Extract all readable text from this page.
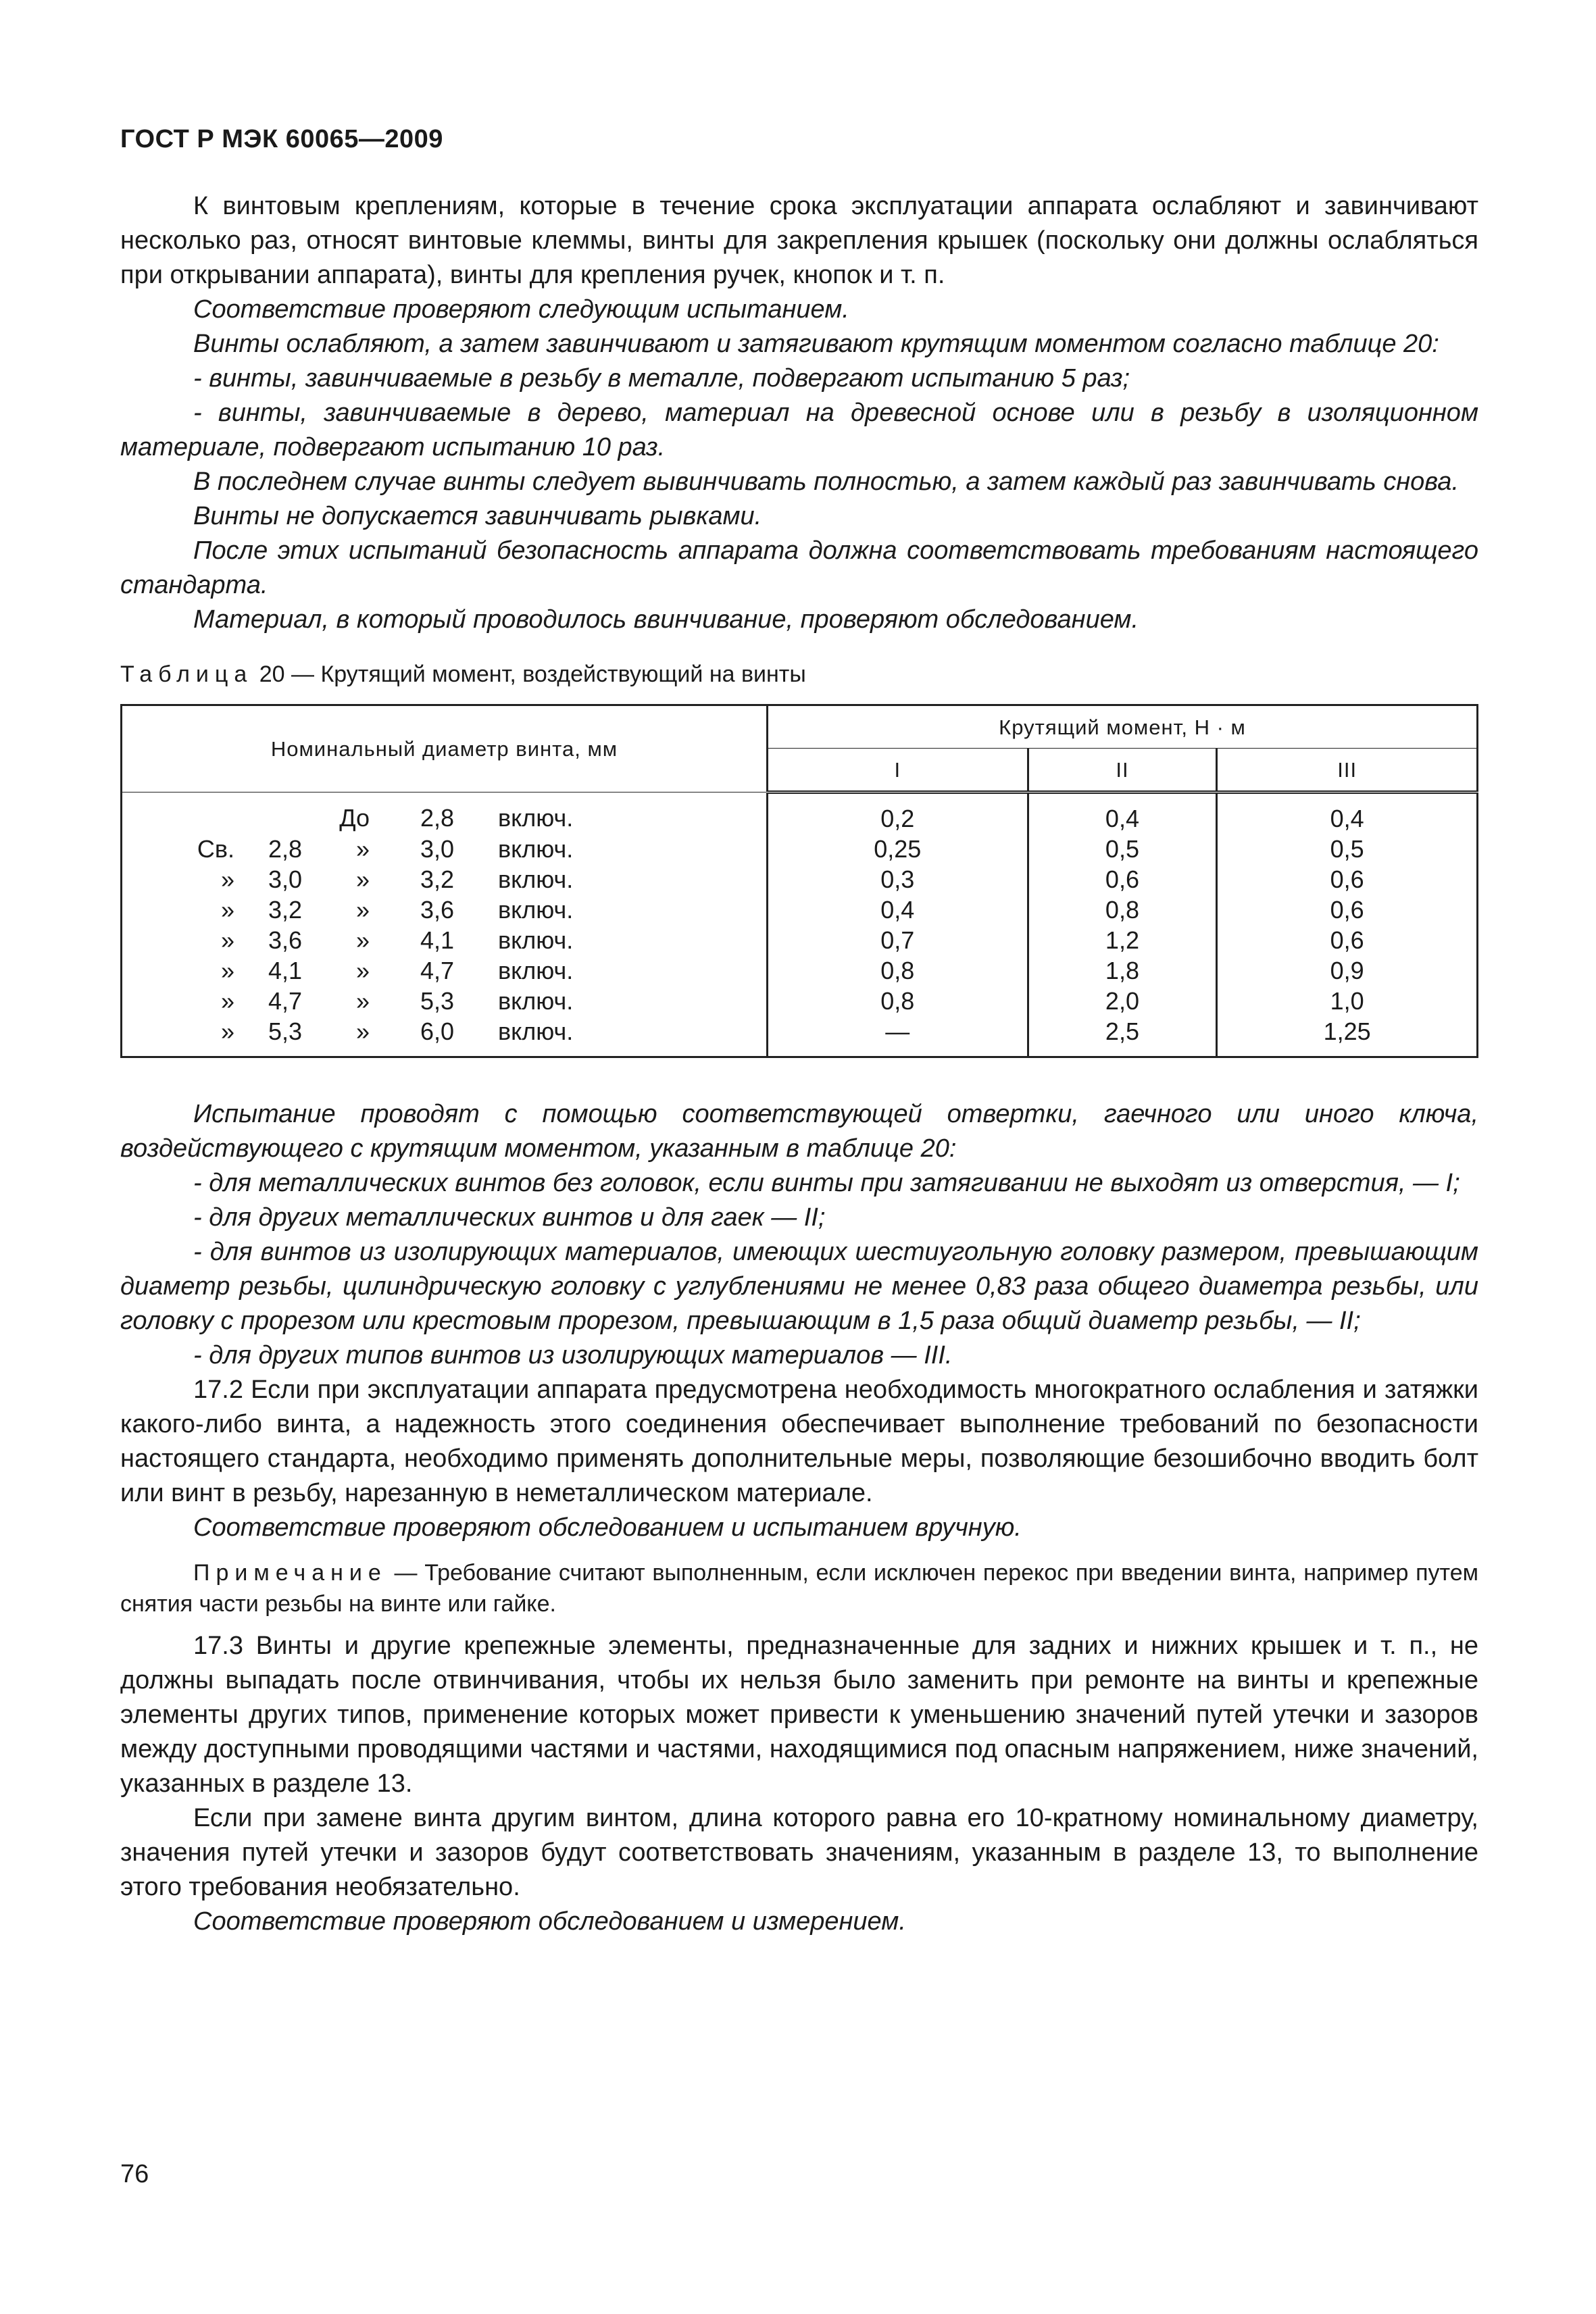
ГОСТ Р МЭК 60065—2009

К винтовым креплениям, которые в течение срока эксплуатации аппарата ослабляют и завинчивают несколько раз, относят винтовые клеммы, винты для закрепления крышек (поскольку они должны ослабляться при открывании аппарата), винты для крепления ручек, кнопок и т. п.

Соответствие проверяют следующим испытанием.

Винты ослабляют, а затем завинчивают и затягивают крутящим моментом согласно таблице 20:

- винты, завинчиваемые в резьбу в металле, подвергают испытанию 5 раз;

- винты, завинчиваемые в дерево, материал на древесной основе или в резьбу в изоляционном материале, подвергают испытанию 10 раз.

В последнем случае винты следует вывинчивать полностью, а затем каждый раз завинчивать снова.

Винты не допускается завинчивать рывками.

После этих испытаний безопасность аппарата должна соответствовать требованиям настоящего стандарта.

Материал, в который проводилось ввинчивание, проверяют обследованием.

Таблица 20 — Крутящий момент, воздействующий на винты
Номинальный диаметр винта, мм	Крутящий момент, Н · м		
	I	II	III

До 2,8 включ.	0,2	0,4	0,4

Св. 2,8 » 3,0 включ.	0,25	0,5	0,5

» 3,0 » 3,2 включ.	0,3	0,6	0,6

» 3,2 » 3,6 включ.	0,4	0,8	0,6

» 3,6 » 4,1 включ.	0,7	1,2	0,6

» 4,1 » 4,7 включ.	0,8	1,8	0,9

» 4,7 » 5,3 включ.	0,8	2,0	1,0

» 5,3 » 6,0 включ.	—	2,5	1,25

Испытание проводят с помощью соответствующей отвертки, гаечного или иного ключа, воздействующего с крутящим моментом, указанным в таблице 20:

- для металлических винтов без головок, если винты при затягивании не выходят из отверстия, — I;

- для других металлических винтов и для гаек — II;

- для винтов из изолирующих материалов, имеющих шестиугольную головку размером, превышающим диаметр резьбы, цилиндрическую головку с углублениями не менее 0,83 раза общего диаметра резьбы, или головку с прорезом или крестовым прорезом, превышающим в 1,5 раза общий диаметр резьбы, — II;

- для других типов винтов из изолирующих материалов — III.

17.2 Если при эксплуатации аппарата предусмотрена необходимость многократного ослабления и затяжки какого-либо винта, а надежность этого соединения обеспечивает выполнение требований по безопасности настоящего стандарта, необходимо применять дополнительные меры, позволяющие безошибочно вводить болт или винт в резьбу, нарезанную в неметаллическом материале.

Соответствие проверяют обследованием и испытанием вручную.

Примечание — Требование считают выполненным, если исключен перекос при введении винта, например путем снятия части резьбы на винте или гайке.

17.3 Винты и другие крепежные элементы, предназначенные для задних и нижних крышек и т. п., не должны выпадать после отвинчивания, чтобы их нельзя было заменить при ремонте на винты и крепежные элементы других типов, применение которых может привести к уменьшению значений путей утечки и зазоров между доступными проводящими частями и частями, находящимися под опасным напряжением, ниже значений, указанных в разделе 13.

Если при замене винта другим винтом, длина которого равна его 10-кратному номинальному диаметру, значения путей утечки и зазоров будут соответствовать значениям, указанным в разделе 13, то выполнение этого требования необязательно.

Соответствие проверяют обследованием и измерением.

76
